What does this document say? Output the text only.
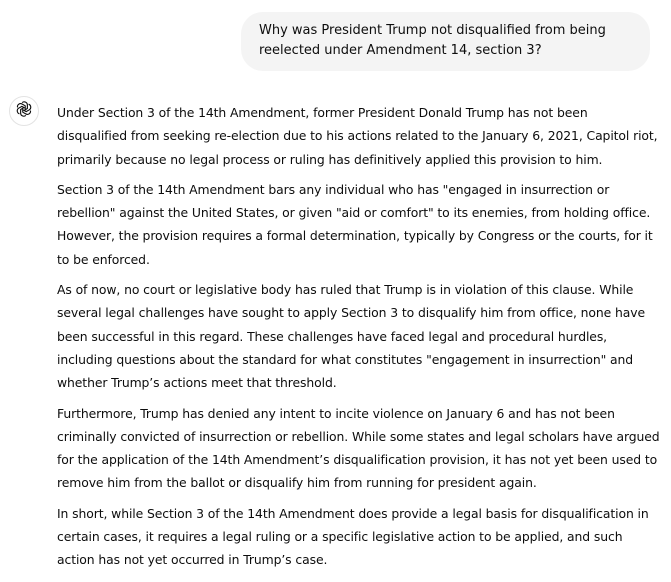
Why was President Trump not disqualified from being reelected under Amendment 14, section 3?

Under Section 3 of the 14th Amendment, former President Donald Trump has not been disqualified from seeking re-election due to his actions related to the January 6, 2021, Capitol riot, primarily because no legal process or ruling has definitively applied this provision to him.

Section 3 of the 14th Amendment bars any individual who has "engaged in insurrection or rebellion" against the United States, or given "aid or comfort" to its enemies, from holding office. However, the provision requires a formal determination, typically by Congress or the courts, for it to be enforced.

As of now, no court or legislative body has ruled that Trump is in violation of this clause. While several legal challenges have sought to apply Section 3 to disqualify him from office, none have been successful in this regard. These challenges have faced legal and procedural hurdles, including questions about the standard for what constitutes "engagement in insurrection" and whether Trump’s actions meet that threshold.

Furthermore, Trump has denied any intent to incite violence on January 6 and has not been criminally convicted of insurrection or rebellion. While some states and legal scholars have argued for the application of the 14th Amendment’s disqualification provision, it has not yet been used to remove him from the ballot or disqualify him from running for president again.

In short, while Section 3 of the 14th Amendment does provide a legal basis for disqualification in certain cases, it requires a legal ruling or a specific legislative action to be applied, and such action has not yet occurred in Trump’s case.
